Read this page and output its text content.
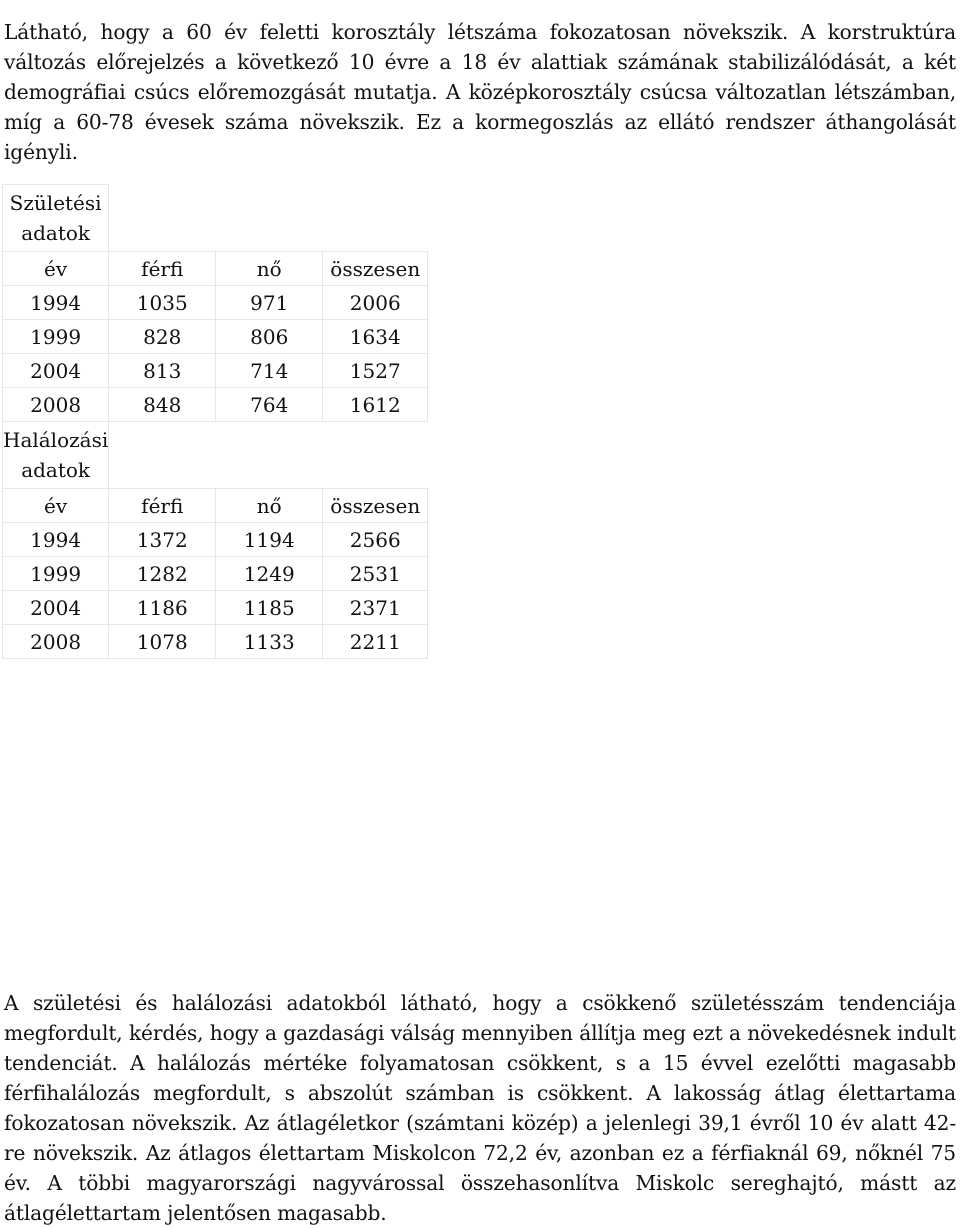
Látható, hogy a 60 év feletti korosztály létszáma fokozatosan növekszik. A korstruktúra változás előrejelzés a következő 10 évre a 18 év alattiak számának stabilizálódását, a két demográfiai csúcs előremozgását mutatja. A középkorosztály csúcsa változatlan létszámban, míg a 60-78 évesek száma növekszik. Ez a kormegoszlás az ellátó rendszer áthangolását igényli.

Születési adatok			
év	férfi	nő	összesen
1994	1035	971	2006
1999	828	806	1634
2004	813	714	1527
2008	848	764	1612
Halálozási adatok			
év	férfi	nő	összesen
1994	1372	1194	2566
1999	1282	1249	2531
2004	1186	1185	2371
2008	1078	1133	2211

A születési és halálozási adatokból látható, hogy a csökkenő születésszám tendenciája megfordult, kérdés, hogy a gazdasági válság mennyiben állítja meg ezt a növekedésnek indult tendenciát. A halálozás mértéke folyamatosan csökkent, s a 15 évvel ezelőtti magasabb férfihalálozás megfordult, s abszolút számban is csökkent. A lakosság átlag élettartama fokozatosan növekszik. Az átlagéletkor (számtani közép) a jelenlegi 39,1 évről 10 év alatt 42-re növekszik. Az átlagos élettartam Miskolcon 72,2 év, azonban ez a férfiaknál 69, nőknél 75 év. A többi magyarországi nagyvárossal összehasonlítva Miskolc sereghajtó, mástt az átlagélettartam jelentősen magasabb.
